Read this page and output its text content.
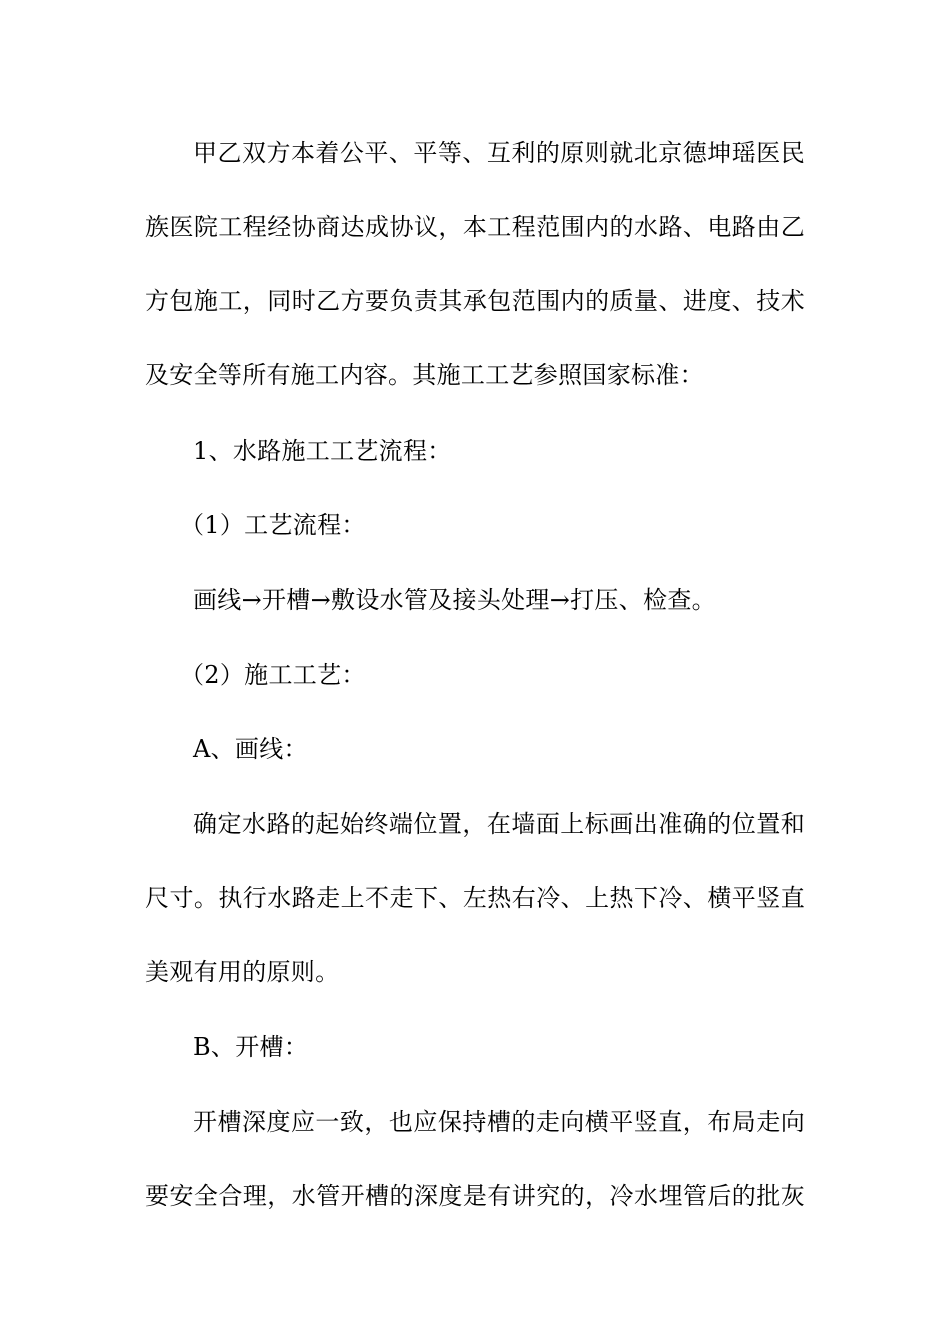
甲乙双方本着公平、平等、互利的原则就北京德坤瑶医民
族医院工程经协商达成协议，本工程范围内的水路、电路由乙
方包施工，同时乙方要负责其承包范围内的质量、进度、技术
及安全等所有施工内容。其施工工艺参照国家标准：
1、水路施工工艺流程：
（1）工艺流程：
画线→开槽→敷设水管及接头处理→打压、检查。
（2）施工工艺：
A、画线：
确定水路的起始终端位置，在墙面上标画出准确的位置和
尺寸。执行水路走上不走下、左热右冷、上热下冷、横平竖直
美观有用的原则。
B、开槽：
开槽深度应一致，也应保持槽的走向横平竖直，布局走向
要安全合理，水管开槽的深度是有讲究的，冷水埋管后的批灰
